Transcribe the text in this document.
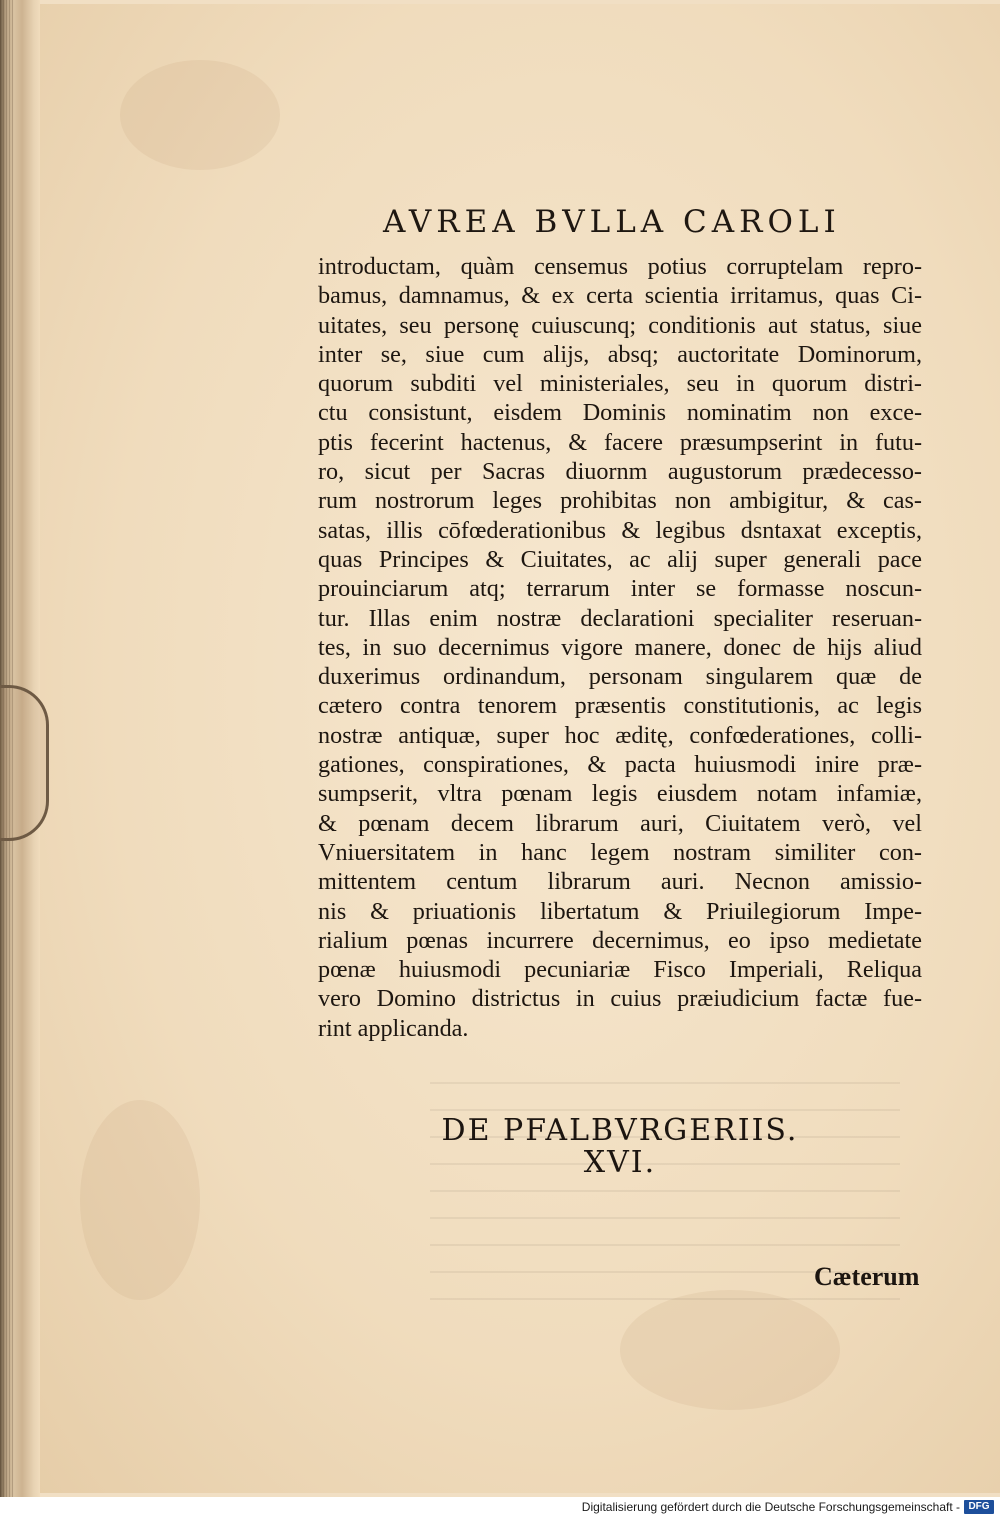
AVREA BVLLA CAROLI
introductam, quàm censemus potius corruptelam repro-
bamus, damnamus, & ex certa scientia irritamus, quas Ci-
uitates, seu personę cuiuscunq; conditionis aut status, siue
inter se, siue cum alijs, absq; auctoritate Dominorum,
quorum subditi vel ministeriales, seu in quorum distri-
ctu consistunt, eisdem Dominis nominatim non exce-
ptis fecerint hactenus, & facere præsumpserint in futu-
ro, sicut per Sacras diuornm augustorum prædecesso-
rum nostrorum leges prohibitas non ambigitur, & cas-
satas, illis cōfœderationibus & legibus dsntaxat exceptis,
quas Principes & Ciuitates, ac alij super generali pace
prouinciarum atq; terrarum inter se formasse noscun-
tur. Illas enim nostræ declarationi specialiter reseruan-
tes, in suo decernimus vigore manere, donec de hijs aliud
duxerimus ordinandum, personam singularem quæ de
cætero contra tenorem præsentis constitutionis, ac legis
nostræ antiquæ, super hoc æditę, confœderationes, colli-
gationes, conspirationes, & pacta huiusmodi inire præ-
sumpserit, vltra pœnam legis eiusdem notam infamiæ,
& pœnam decem librarum auri, Ciuitatem verò, vel
Vniuersitatem in hanc legem nostram similiter con-
mittentem centum librarum auri. Necnon amissio-
nis & priuationis libertatum & Priuilegiorum Impe-
rialium pœnas incurrere decernimus, eo ipso medietate
pœnæ huiusmodi pecuniariæ Fisco Imperiali, Reliqua
vero Domino districtus in cuius præiudicium factæ fue-
rint applicanda.
DE PFALBVRGERIIS.
XVI.
Cæterum
Digitalisierung gefördert durch die Deutsche Forschungsgemeinschaft - DFG
